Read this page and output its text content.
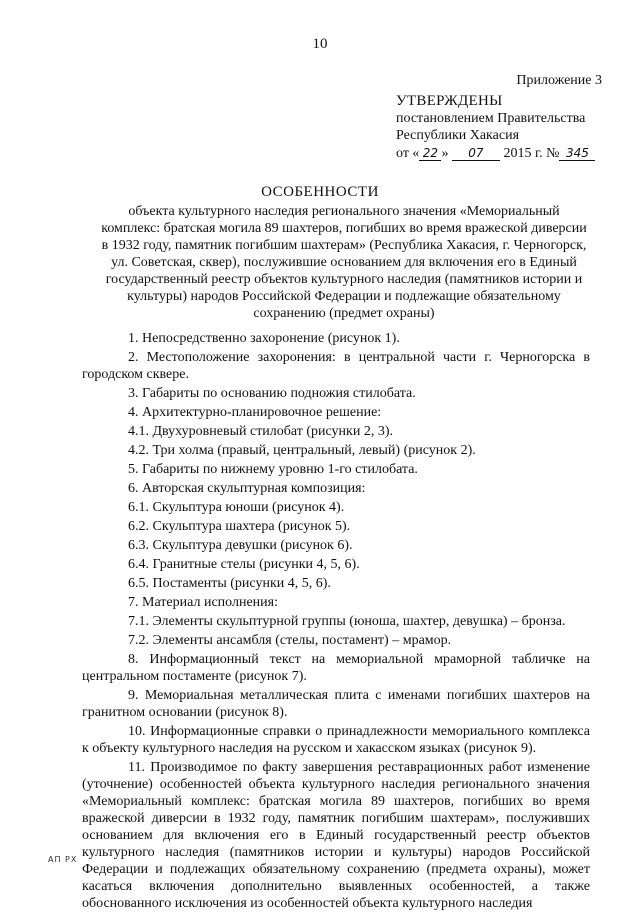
10
Приложение 3
УТВЕРЖДЕНЫ
постановлением Правительства
Республики Хакасия
от « 22 » 07 2015 г. № 345
ОСОБЕННОСТИ
объекта культурного наследия регионального значения «Мемориальный комплекс: братская могила 89 шахтеров, погибших во время вражеской диверсии в 1932 году, памятник погибшим шахтерам» (Республика Хакасия, г. Черногорск, ул. Советская, сквер), послужившие основанием для включения его в Единый государственный реестр объектов культурного наследия (памятников истории и культуры) народов Российской Федерации и подлежащие обязательному сохранению (предмет охраны)

1. Непосредственно захоронение (рисунок 1).

2. Местоположение захоронения: в центральной части г. Черногорска в городском сквере.

3. Габариты по основанию подножия стилобата.

4. Архитектурно-планировочное решение:

4.1. Двухуровневый стилобат (рисунки 2, 3).

4.2. Три холма (правый, центральный, левый) (рисунок 2).

5. Габариты по нижнему уровню 1-го стилобата.

6. Авторская скульптурная композиция:

6.1. Скульптура юноши (рисунок 4).

6.2. Скульптура шахтера (рисунок 5).

6.3. Скульптура девушки (рисунок 6).

6.4. Гранитные стелы (рисунки 4, 5, 6).

6.5. Постаменты (рисунки 4, 5, 6).

7. Материал исполнения:

7.1. Элементы скульптурной группы (юноша, шахтер, девушка) – бронза.

7.2. Элементы ансамбля (стелы, постамент) – мрамор.

8. Информационный текст на мемориальной мраморной табличке на центральном постаменте (рисунок 7).

9. Мемориальная металлическая плита с именами погибших шахтеров на гранитном основании (рисунок 8).

10. Информационные справки о принадлежности мемориального комплекса к объекту культурного наследия на русском и хакасском языках (рисунок 9).

11. Производимое по факту завершения реставрационных работ изменение (уточнение) особенностей объекта культурного наследия регионального значения «Мемориальный комплекс: братская могила 89 шахтеров, погибших во время вражеской диверсии в 1932 году, памятник погибшим шахтерам», послуживших основанием для включения его в Единый государственный реестр объектов культурного наследия (памятников истории и культуры) народов Российской Федерации и подлежащих обязательному сохранению (предмета охраны), может касаться включения дополнительно выявленных особенностей, а также обоснованного исключения из особенностей объекта культурного наследия

АП РХ
